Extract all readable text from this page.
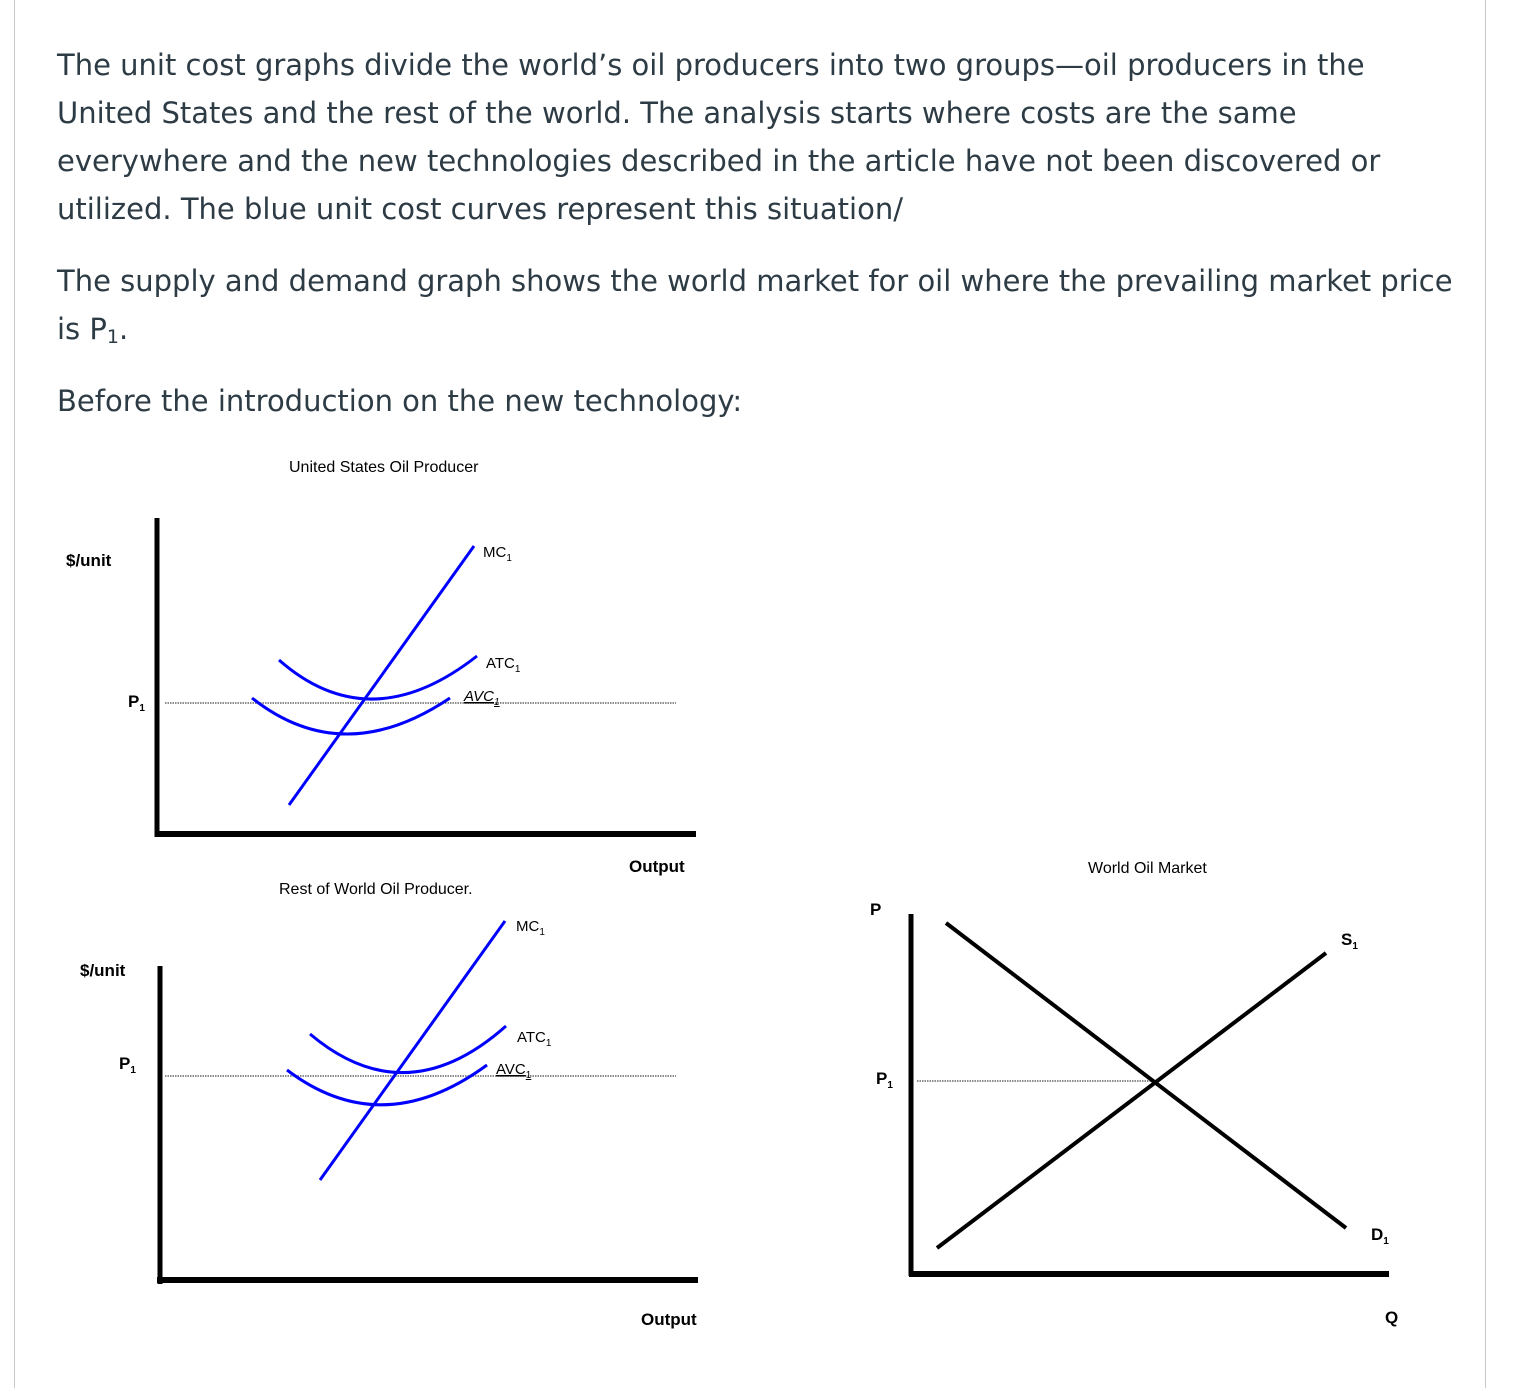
The unit cost graphs divide the world’s oil producers into two groups—oil producers in the United States and the rest of the world. The analysis starts where costs are the same everywhere and the new technologies described in the article have not been discovered or utilized. The blue unit cost curves represent this situation/

The supply and demand graph shows the world market for oil where the prevailing market price is $P_1$.

Before the introduction on the new technology:

United States Oil Producer
$/unit
Output
$P_1$
$MC_1$
$ATC_1$
$AVC_1$
Rest of World Oil Producer.
$/unit
Output
$P_1$
$MC_1$
$ATC_1$
$AVC_1$
World Oil Market
P
Q
$P_1$
$S_1$
$D_1$
